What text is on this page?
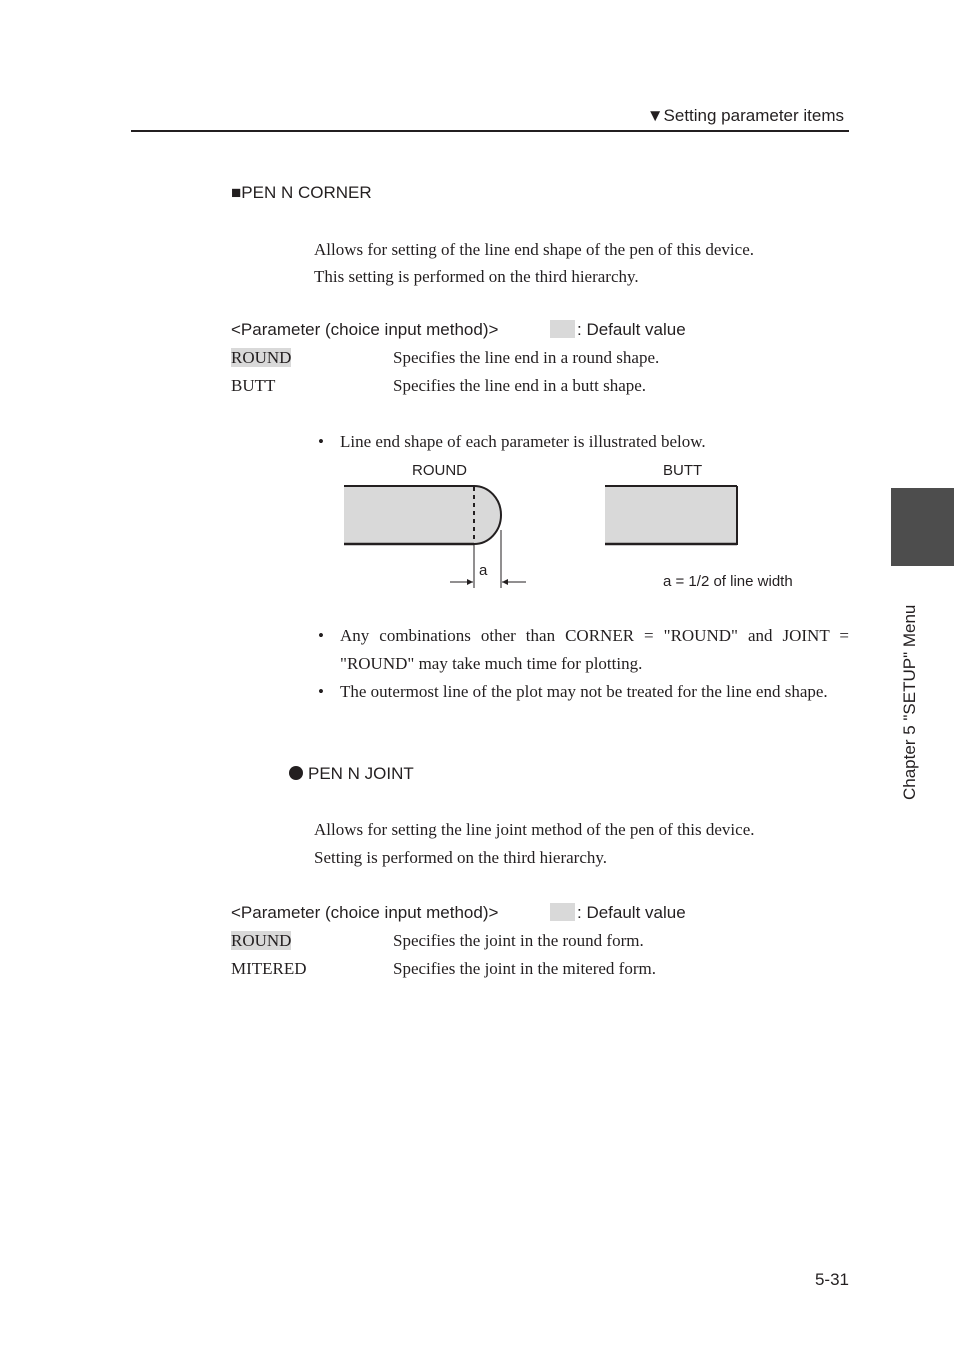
▼Setting parameter items
■PEN N CORNER
Allows for setting of the line end shape of the pen of this device.
This setting is performed on the third hierarchy.
<Parameter (choice input method)>	: Default value
ROUND	Specifies the line end in a round shape.
BUTT	Specifies the line end in a butt shape.
• Line end shape of each parameter is illustrated below.
ROUND	BUTT
a
a = 1/2 of line width
• Any combinations other than CORNER = "ROUND" and JOINT = "ROUND" may take much time for plotting.
• The outermost line of the plot may not be treated for the line end shape.
PEN N JOINT
Allows for setting the line joint method of the pen of this device.
Setting is performed on the third hierarchy.
<Parameter (choice input method)>	: Default value
ROUND	Specifies the joint in the round form.
MITERED	Specifies the joint in the mitered form.
Chapter 5 "SETUP" Menu
5-31
